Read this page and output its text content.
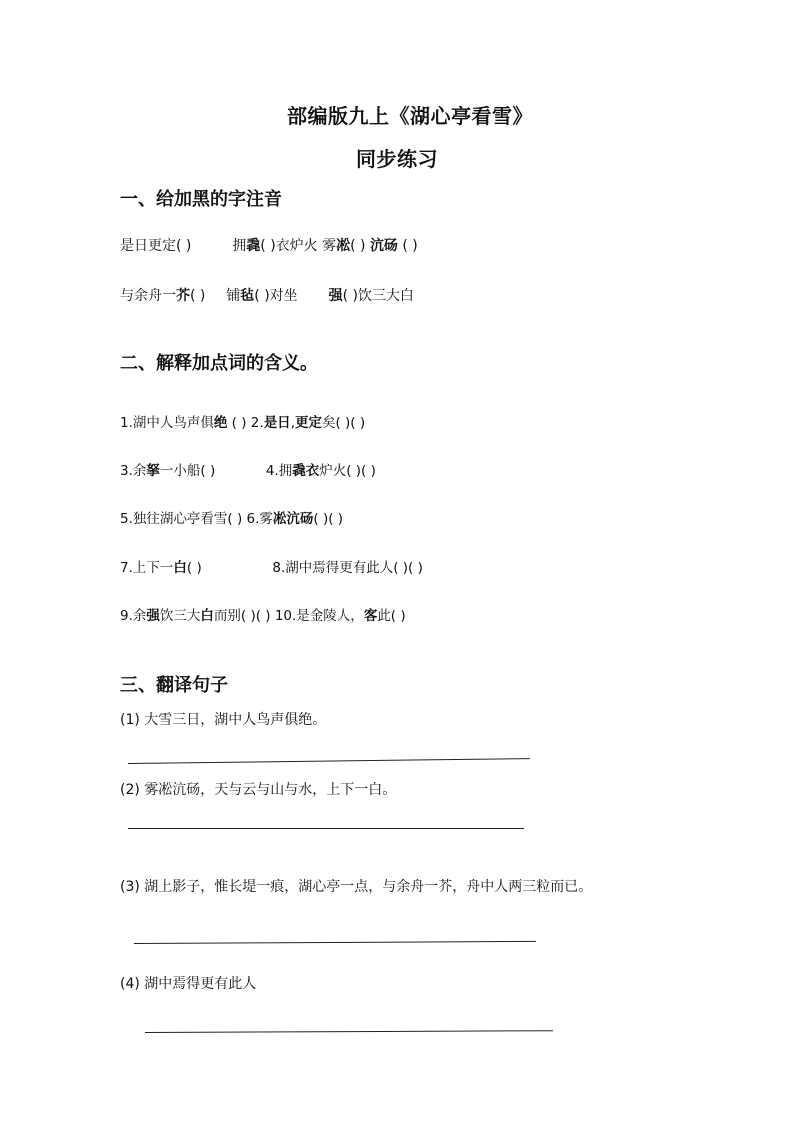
部编版九上《湖心亭看雪》
同步练习
一、给加黑的字注音
是日更定( )	拥毳( )衣炉火 雾凇( ) 沆砀 ( )
与余舟一芥( ) 铺毡( )对坐 强( )饮三大白
二、解释加点词的含义。
1.湖中人鸟声俱绝 ( ) 2.是日,更定矣( )( )
3.余拏一小船( )	4.拥毳衣炉火( )( )
5.独往湖心亭看雪( ) 6.雾凇沆砀( )( )
7.上下一白( )	8.湖中焉得更有此人( )( )
9.余强饮三大白而别( )( ) 10.是金陵人，客此( )
三、翻译句子
(1) 大雪三日，湖中人鸟声俱绝。
(2) 雾凇沆砀，天与云与山与水，上下一白。
(3) 湖上影子，惟长堤一痕，湖心亭一点，与余舟一芥，舟中人两三粒而已。
(4) 湖中焉得更有此人
